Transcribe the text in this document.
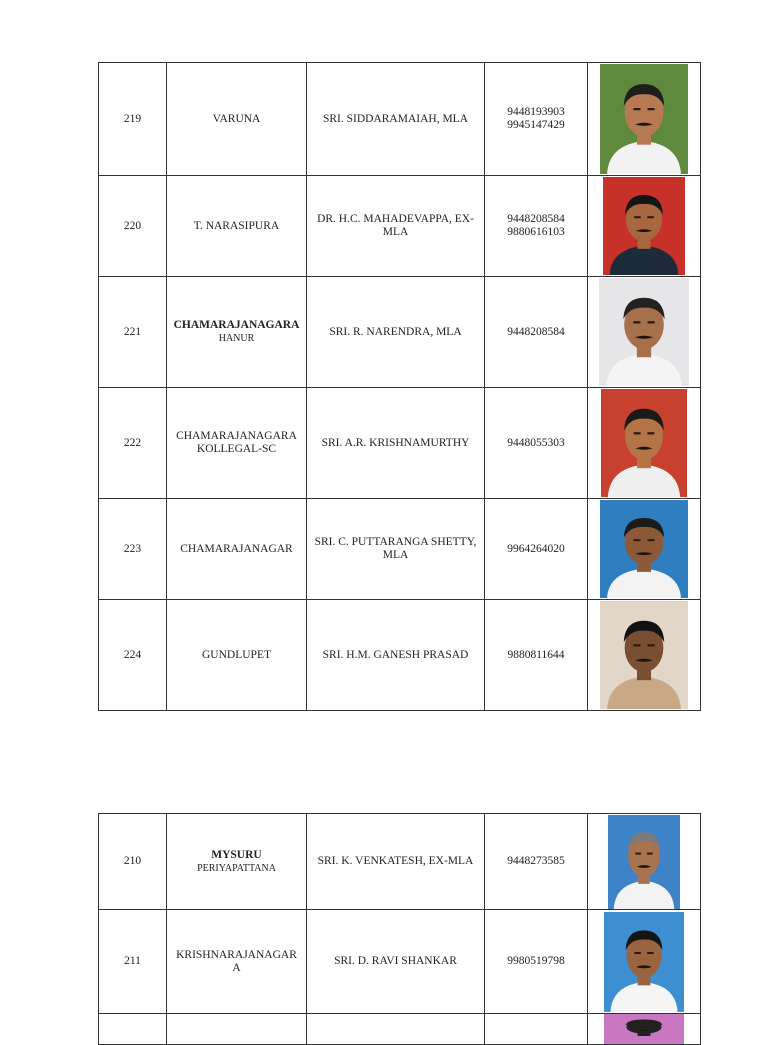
219	VARUNA	SRI. SIDDARAMAIAH, MLA	9448193903
9945147429

220	T. NARASIPURA	DR. H.C. MAHADEVAPPA, EX-MLA	9448208584
9880616103

221	CHAMARAJANAGARA
HANUR	SRI. R. NARENDRA, MLA	9448208584

222	CHAMARAJANAGARA
KOLLEGAL-SC	SRI. A.R. KRISHNAMURTHY	9448055303

223	CHAMARAJANAGAR	SRI. C. PUTTARANGA SHETTY, MLA	9964264020

224	GUNDLUPET	SRI. H.M. GANESH PRASAD	9880811644

210	MYSURU
PERIYAPATTANA	SRI. K. VENKATESH, EX-MLA	9448273585

211	KRISHNARAJANAGAR
A	SRI. D. RAVI SHANKAR	9980519798
